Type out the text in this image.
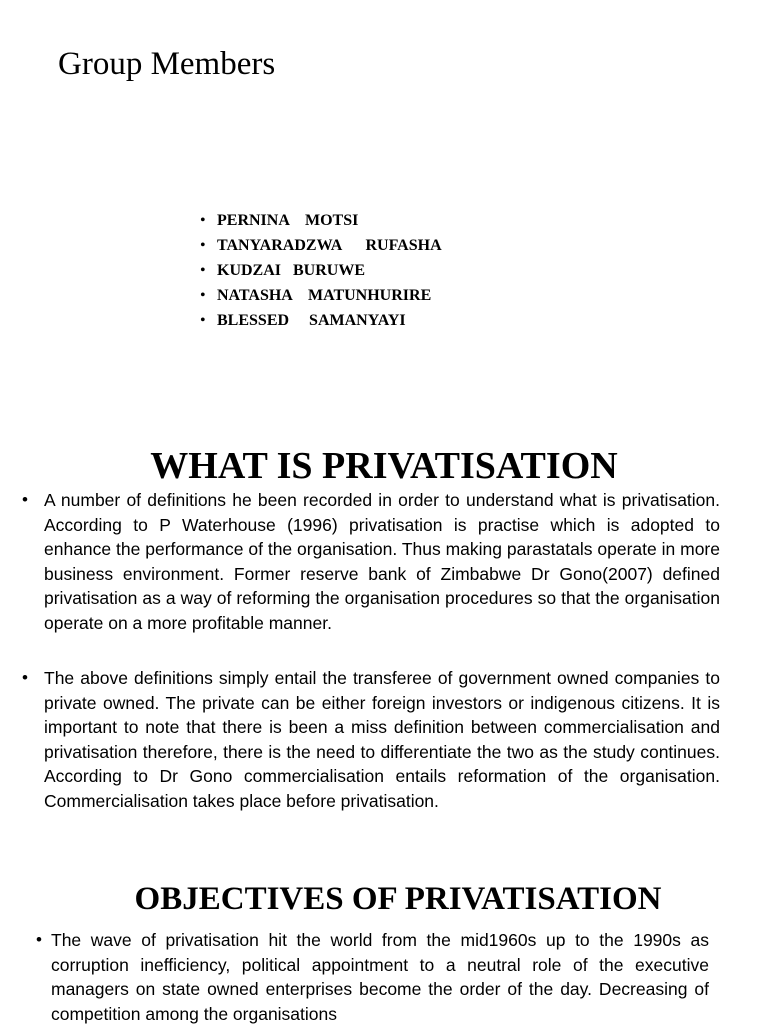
Group Members
• PERNINA    MOTSI
• TANYARADZWA      RUFASHA
• KUDZAI   BURUWE
• NATASHA    MATUNHURIRE
• BLESSED     SAMANYAYI
WHAT IS PRIVATISATION
• A number of definitions he been recorded in order to understand what is privatisation. According to P Waterhouse (1996) privatisation is practise which is adopted to enhance the performance of the organisation. Thus making parastatals operate in more business environment. Former reserve bank of Zimbabwe Dr Gono(2007) defined privatisation as a way of reforming the organisation procedures so that the organisation operate on a more profitable manner.

• The above definitions simply entail the transferee of government owned companies to private owned. The private can be either foreign investors or indigenous citizens. It is important to note that there is been a miss definition between commercialisation and privatisation therefore, there is the need to differentiate the two as the study continues. According to Dr Gono commercialisation entails reformation of the organisation. Commercialisation takes place before privatisation.

OBJECTIVES OF PRIVATISATION
• The wave of privatisation hit the world from the mid1960s up to the 1990s as corruption inefficiency, political appointment to a neutral role of the executive managers on state owned enterprises become the order of the day. Decreasing of competition among the organisations
